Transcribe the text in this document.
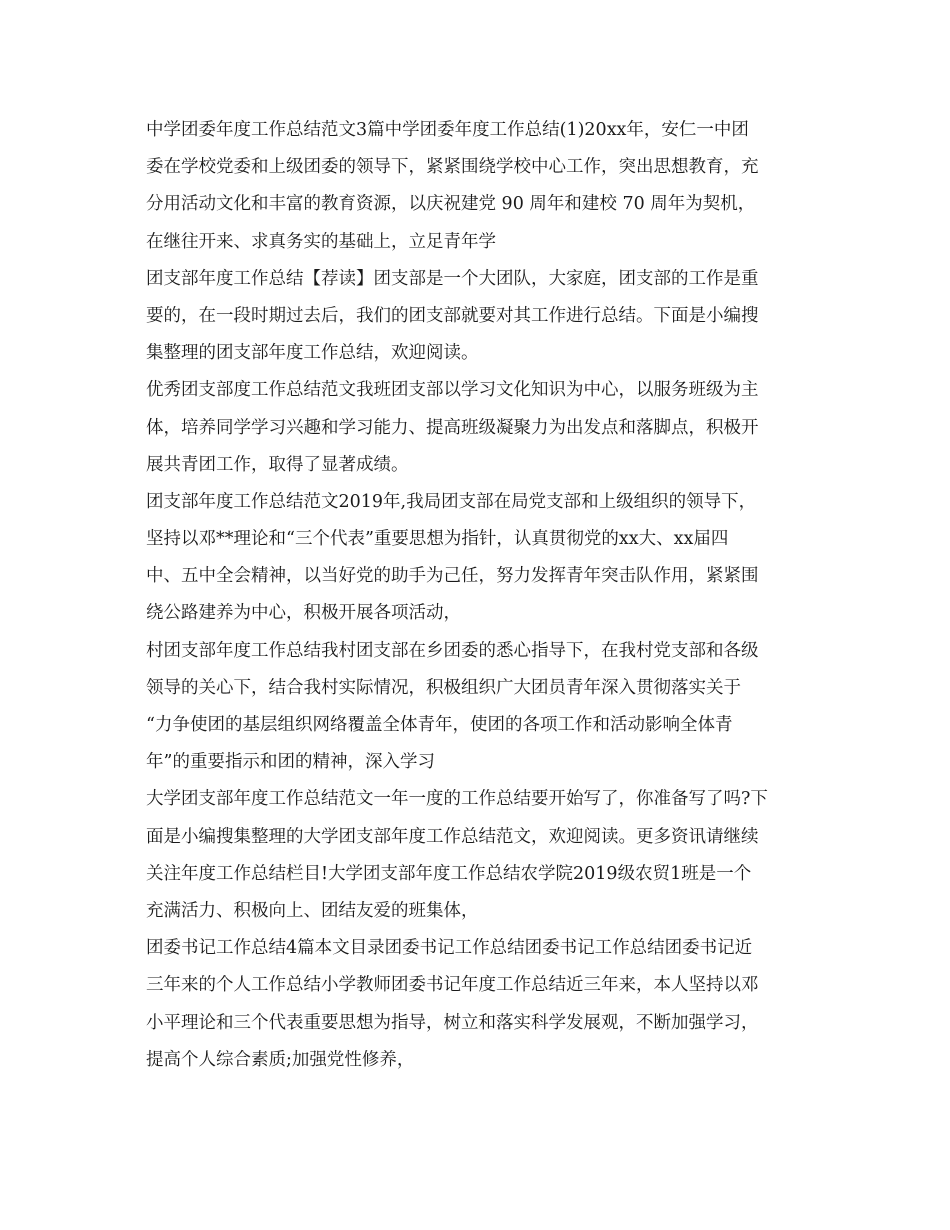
中学团委年度工作总结范文3篇中学团委年度工作总结(1)20xx年，安仁一中团
委在学校党委和上级团委的领导下，紧紧围绕学校中心工作，突出思想教育，充
分用活动文化和丰富的教育资源，以庆祝建党 90 周年和建校 70 周年为契机，
在继往开来、求真务实的基础上，立足青年学
团支部年度工作总结【荐读】团支部是一个大团队，大家庭，团支部的工作是重
要的，在一段时期过去后，我们的团支部就要对其工作进行总结。下面是小编搜
集整理的团支部年度工作总结，欢迎阅读。
优秀团支部度工作总结范文我班团支部以学习文化知识为中心，以服务班级为主
体，培养同学学习兴趣和学习能力、提高班级凝聚力为出发点和落脚点，积极开
展共青团工作，取得了显著成绩。
团支部年度工作总结范文2019年,我局团支部在局党支部和上级组织的领导下，
坚持以邓**理论和“三个代表”重要思想为指针，认真贯彻党的xx大、xx届四
中、五中全会精神，以当好党的助手为己任，努力发挥青年突击队作用，紧紧围
绕公路建养为中心，积极开展各项活动，
村团支部年度工作总结我村团支部在乡团委的悉心指导下，在我村党支部和各级
领导的关心下，结合我村实际情况，积极组织广大团员青年深入贯彻落实关于
“力争使团的基层组织网络覆盖全体青年，使团的各项工作和活动影响全体青
年”的重要指示和团的精神，深入学习
大学团支部年度工作总结范文一年一度的工作总结要开始写了，你准备写了吗?下
面是小编搜集整理的大学团支部年度工作总结范文，欢迎阅读。更多资讯请继续
关注年度工作总结栏目!大学团支部年度工作总结农学院2019级农贸1班是一个
充满活力、积极向上、团结友爱的班集体，
团委书记工作总结4篇本文目录团委书记工作总结团委书记工作总结团委书记近
三年来的个人工作总结小学教师团委书记年度工作总结近三年来，本人坚持以邓
小平理论和三个代表重要思想为指导，树立和落实科学发展观，不断加强学习，
提高个人综合素质;加强党性修养，
